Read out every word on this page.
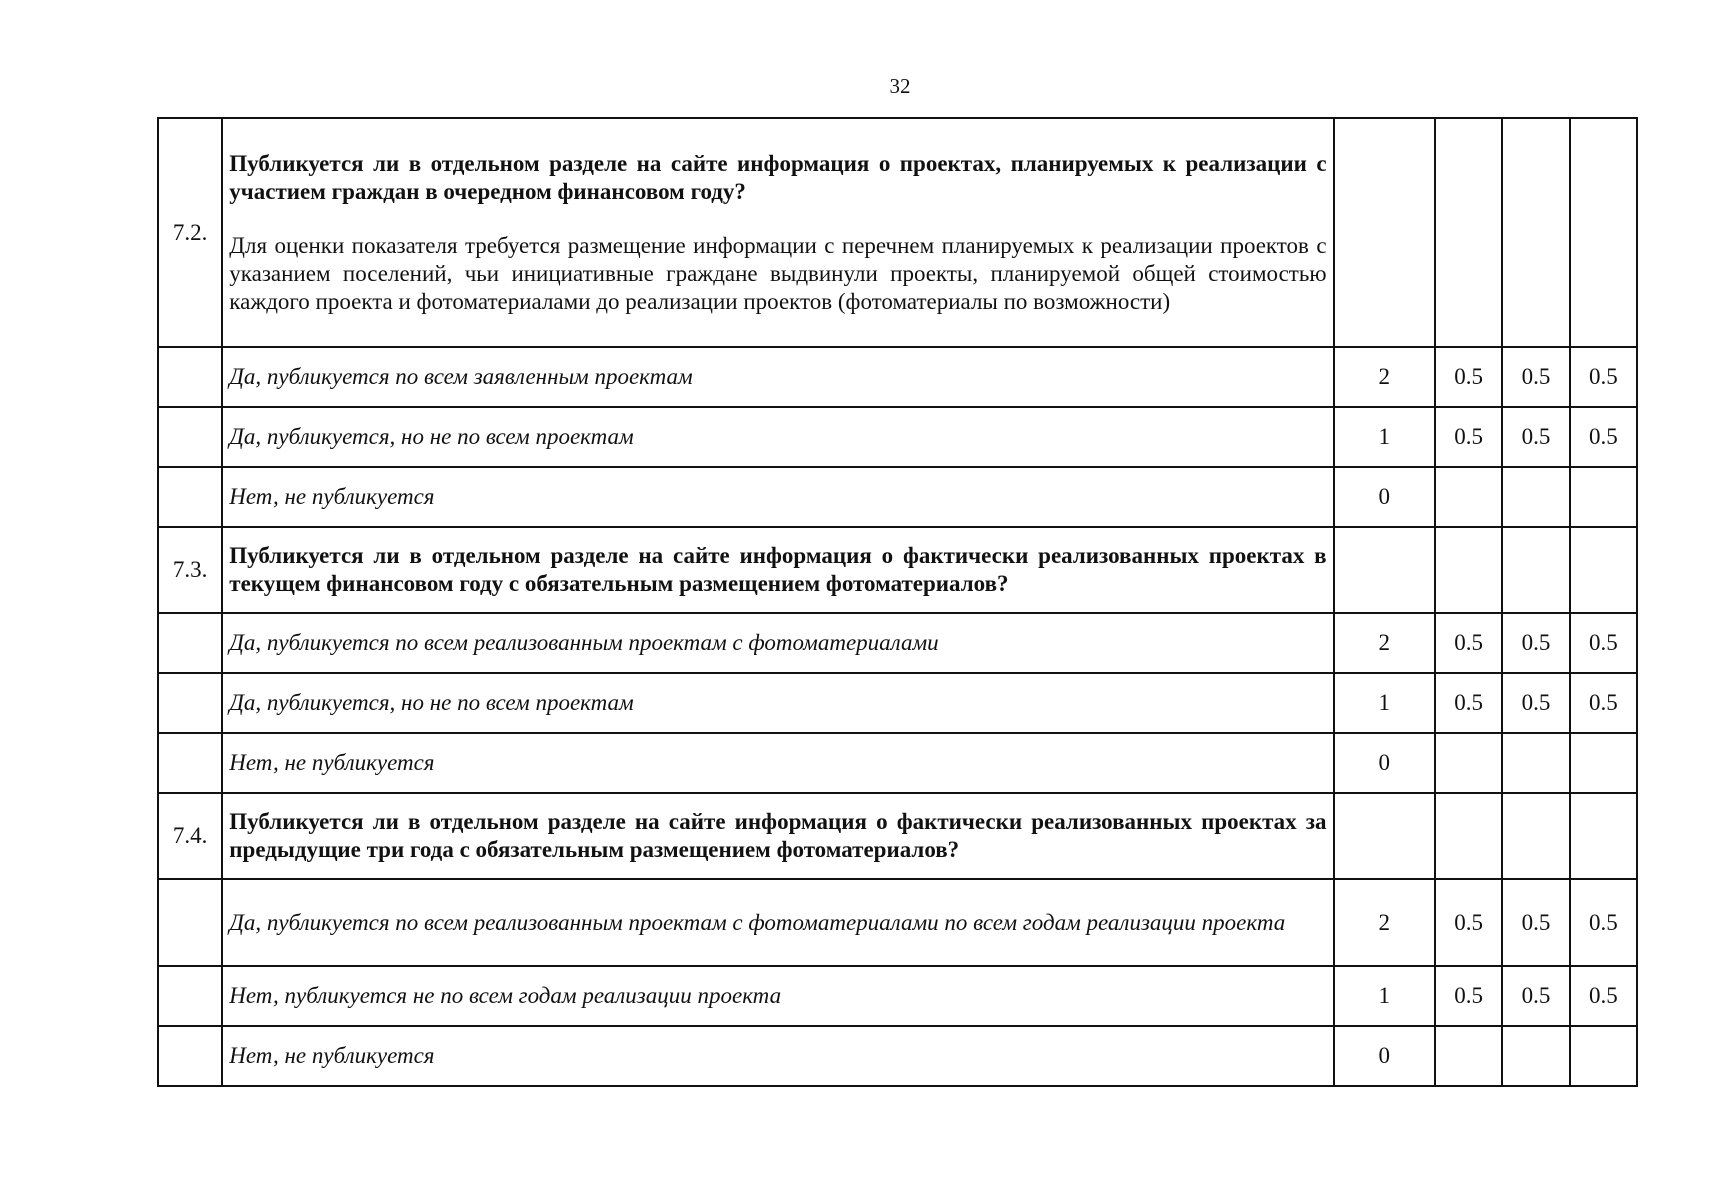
32
7.2.	Публикуется ли в отдельном разделе на сайте информация о проектах, планируемых к реализации с участием граждан в очередном финансовом году?
Для оценки показателя требуется размещение информации с перечнем планируемых к реализации проектов с указанием поселений, чьи инициативные граждане выдвинули проекты, планируемой общей стоимостью каждого проекта и фотоматериалами до реализации проектов (фотоматериалы по возможности)				

	Да, публикуется по всем заявленным проектам	2	0.5	0.5	0.5

	Да, публикуется, но не по всем проектам	1	0.5	0.5	0.5

	Нет, не публикуется	0			
7.3.	Публикуется ли в отдельном разделе на сайте информация о фактически реализованных проектах в текущем финансовом году с обязательным размещением фотоматериалов?				

	Да, публикуется по всем реализованным проектам с фотоматериалами	2	0.5	0.5	0.5

	Да, публикуется, но не по всем проектам	1	0.5	0.5	0.5

	Нет, не публикуется	0			
7.4.	Публикуется ли в отдельном разделе на сайте информация о фактически реализованных проектах за предыдущие три года с обязательным размещением фотоматериалов?				

	Да, публикуется по всем реализованным проектам с фотоматериалами по всем годам реализации проекта	2	0.5	0.5	0.5

	Нет, публикуется не по всем годам реализации проекта	1	0.5	0.5	0.5

	Нет, не публикуется	0			
